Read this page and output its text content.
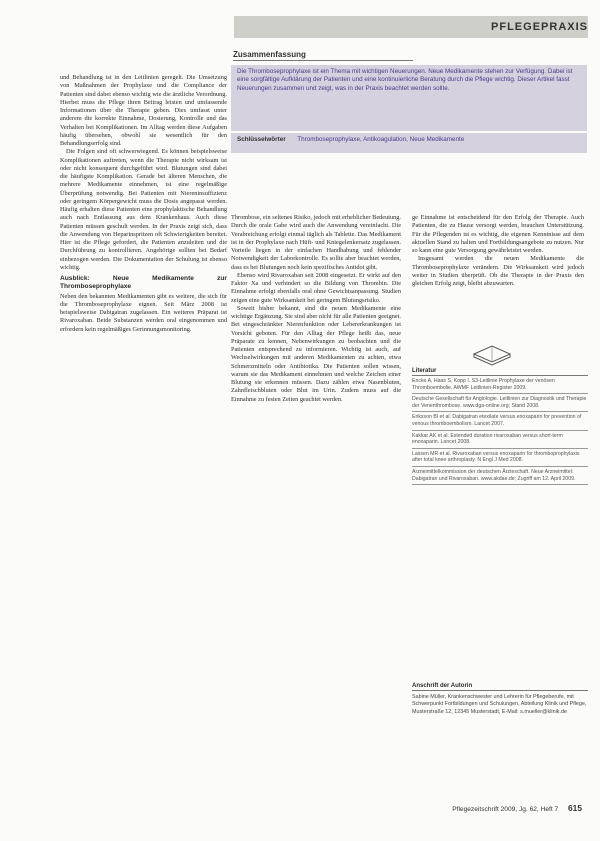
PFLEGEPRAXIS
Zusammenfassung
Die Thromboseprophylaxe ist ein Thema mit wichtigen Neuerungen. Neue Medikamente stehen zur Verfügung. Dabei ist eine sorgfältige Aufklärung der Patienten und eine kontinuierliche Beratung durch die Pflege wichtig. Dieser Artikel fasst Neuerungen zusammen und zeigt, was in der Praxis beachtet werden sollte.
Schlüsselwörter Thromboseprophylaxe, Antikoagulation, Neue Medikamente

und Behandlung ist in den Leitlinien geregelt. Die Umsetzung von Maßnahmen der Prophylaxe und die Compliance der Patienten sind dabei ebenso wichtig wie die ärztliche Verordnung. Hierbei muss die Pflege ihren Beitrag leisten und umfassende Informationen über die Therapie geben. Dies umfasst unter anderem die korrekte Einnahme, Dosierung, Kontrolle und das Verhalten bei Komplikationen. Im Alltag werden diese Aufgaben häufig übersehen, obwohl sie wesentlich für den Behandlungserfolg sind.

Die Folgen sind oft schwerwiegend. Es können beispielsweise Komplikationen auftreten, wenn die Therapie nicht wirksam ist oder nicht konsequent durchgeführt wird. Blutungen sind dabei die häufigste Komplikation. Gerade bei älteren Menschen, die mehrere Medikamente einnehmen, ist eine regelmäßige Überprüfung notwendig. Bei Patienten mit Niereninsuffizienz oder geringem Körpergewicht muss die Dosis angepasst werden. Häufig erhalten diese Patienten eine prophylaktische Behandlung auch nach Entlassung aus dem Krankenhaus. Auch diese Patienten müssen geschult werden. In der Praxis zeigt sich, dass die Anwendung von Heparinspritzen oft Schwierigkeiten bereitet. Hier ist die Pflege gefordert, die Patienten anzuleiten und die Durchführung zu kontrollieren. Angehörige sollten bei Bedarf einbezogen werden. Die Dokumentation der Schulung ist ebenso wichtig.

Ausblick: Neue Medikamente zur Thromboseprophylaxe

Neben den bekannten Medikamenten gibt es weitere, die sich für die Thromboseprophylaxe eignen. Seit März 2008 ist beispielsweise Dabigatran zugelassen. Ein weiteres Präparat ist Rivaroxaban. Beide Substanzen werden oral eingenommen und erfordern kein regelmäßiges Gerinnungsmonitoring.

Thrombose, ein seltenes Risiko, jedoch mit erheblicher Bedeutung. Durch die orale Gabe wird auch die Anwendung vereinfacht. Die Verabreichung erfolgt einmal täglich als Tablette. Das Medikament ist in der Prophylaxe nach Hüft- und Kniegelenkersatz zugelassen. Vorteile liegen in der einfachen Handhabung und fehlender Notwendigkeit der Laborkontrolle. Es sollte aber beachtet werden, dass es bei Blutungen noch kein spezifisches Antidot gibt.

Ebenso wird Rivaroxaban seit 2008 eingesetzt. Er wirkt auf den Faktor Xa und verhindert so die Bildung von Thrombin. Die Einnahme erfolgt ebenfalls oral ohne Gewichtsanpassung. Studien zeigen eine gute Wirksamkeit bei geringem Blutungsrisiko.

Soweit bisher bekannt, sind die neuen Medikamente eine wichtige Ergänzung. Sie sind aber nicht für alle Patienten geeignet. Bei eingeschränkter Nierenfunktion oder Lebererkrankungen ist Vorsicht geboten. Für den Alltag der Pflege heißt das, neue Präparate zu kennen, Nebenwirkungen zu beobachten und die Patienten entsprechend zu informieren. Wichtig ist auch, auf Wechselwirkungen mit anderen Medikamenten zu achten, etwa Schmerzmitteln oder Antibiotika. Die Patienten sollen wissen, warum sie das Medikament einnehmen und welche Zeichen einer Blutung sie erkennen müssen. Dazu zählen etwa Nasenbluten, Zahnfleischbluten oder Blut im Urin. Zudem muss auf die Einnahme zu festen Zeiten geachtet werden.

ge Einnahme ist entscheidend für den Erfolg der Therapie. Auch Patienten, die zu Hause versorgt werden, brauchen Unterstützung. Für die Pflegenden ist es wichtig, die eigenen Kenntnisse auf dem aktuellen Stand zu halten und Fortbildungsangebote zu nutzen. Nur so kann eine gute Versorgung gewährleistet werden.

Insgesamt werden die neuen Medikamente die Thromboseprophylaxe verändern. Die Wirksamkeit wird jedoch weiter in Studien überprüft. Ob die Therapie in der Praxis den gleichen Erfolg zeigt, bleibt abzuwarten.

Literatur
Encke A, Haas S, Kopp I. S3-Leitlinie Prophylaxe der venösen Thromboembolie. AWMF Leitlinien-Register 2009.
Deutsche Gesellschaft für Angiologie. Leitlinien zur Diagnostik und Therapie der Venenthrombose. www.dga-online.org; Stand 2008.
Eriksson BI et al. Dabigatran etexilate versus enoxaparin for prevention of venous thromboembolism. Lancet 2007.
Kakkar AK et al. Extended duration rivaroxaban versus short-term enoxaparin. Lancet 2008.
Lassen MR et al. Rivaroxaban versus enoxaparin for thromboprophylaxis after total knee arthroplasty. N Engl J Med 2008.
Arzneimittelkommission der deutschen Ärzteschaft. Neue Arzneimittel: Dabigatran und Rivaroxaban. www.akdae.de; Zugriff am 12. April 2009.
Anschrift der Autorin
Sabine Müller, Krankenschwester und Lehrerin für Pflegeberufe, mit Schwerpunkt Fortbildungen und Schulungen, Abteilung Klinik und Pflege, Musterstraße 12, 12345 Musterstadt, E-Mail: s.mueller@klinik.de
Pflegezeitschrift 2009, Jg. 62, Heft 7 615
